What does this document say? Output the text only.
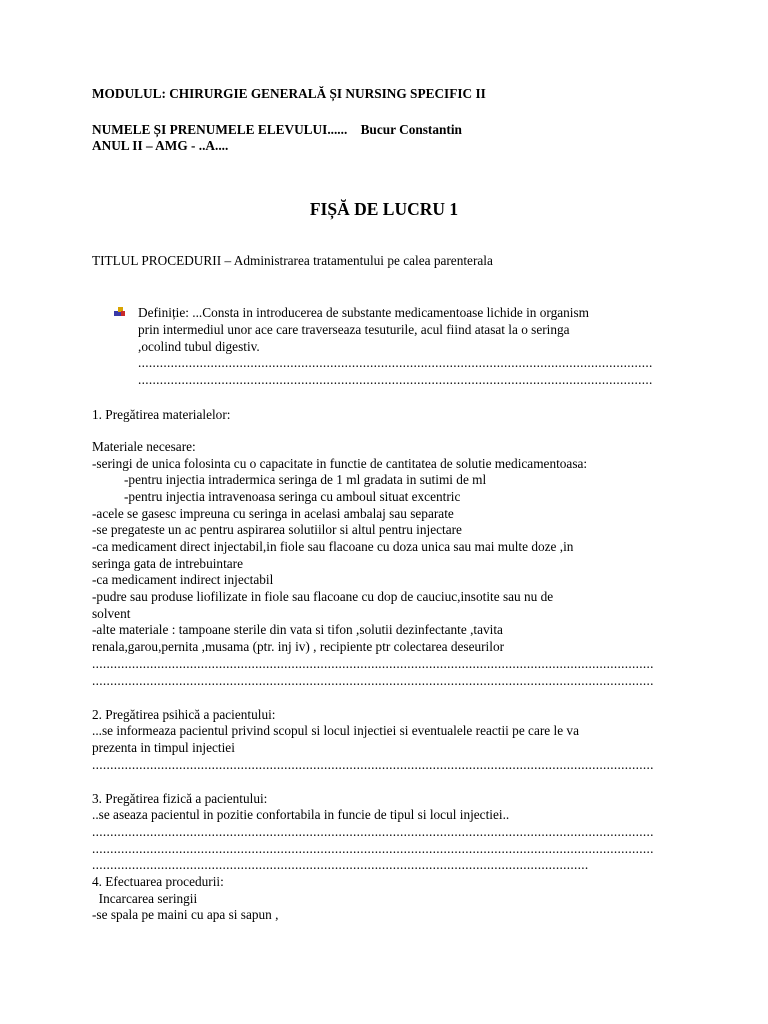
MODULUL: CHIRURGIE GENERALĂ ȘI NURSING SPECIFIC II
NUMELE ȘI PRENUMELE ELEVULUI...... Bucur Constantin
ANUL II – AMG - ..A....
FIȘĂ DE LUCRU 1
TITLUL PROCEDURII – Administrarea tratamentului pe calea parenterala
Definiție: ...Consta in introducerea de substante medicamentoase lichide in organism
prin intermediul unor ace care traverseaza tesuturile, acul fiind atasat la o seringa
,ocolind tubul digestiv.
..............................................................................................................................................
..............................................................................................................................................
1. Pregătirea materialelor:
Materiale necesare:
-seringi de unica folosinta cu o capacitate in functie de cantitatea de solutie medicamentoasa:
-pentru injectia intradermica seringa de 1 ml gradata in sutimi de ml
-pentru injectia intravenoasa seringa cu amboul situat excentric
-acele se gasesc impreuna cu seringa in acelasi ambalaj sau separate
-se pregateste un ac pentru aspirarea solutiilor si altul pentru injectare
-ca medicament direct injectabil,in fiole sau flacoane cu doza unica sau mai multe doze ,in
seringa gata de intrebuintare
-ca medicament indirect injectabil
-pudre sau produse liofilizate in fiole sau flacoane cu dop de cauciuc,insotite sau nu de
solvent
-alte materiale : tampoane sterile din vata si tifon ,solutii dezinfectante ,tavita
renala,garou,pernita ,musama (ptr. inj iv) , recipiente ptr colectarea deseurilor
...........................................................................................................................................................
...........................................................................................................................................................
2. Pregătirea psihică a pacientului:
...se informeaza pacientul privind scopul si locul injectiei si eventualele reactii pe care le va
prezenta in timpul injectiei
...........................................................................................................................................................
3. Pregătirea fizică a pacientului:
..se aseaza pacientul in pozitie confortabila in funcie de tipul si locul injectiei..
...........................................................................................................................................................
...........................................................................................................................................................
.........................................................................................................................................
4. Efectuarea procedurii:
Incarcarea seringii
-se spala pe maini cu apa si sapun ,
